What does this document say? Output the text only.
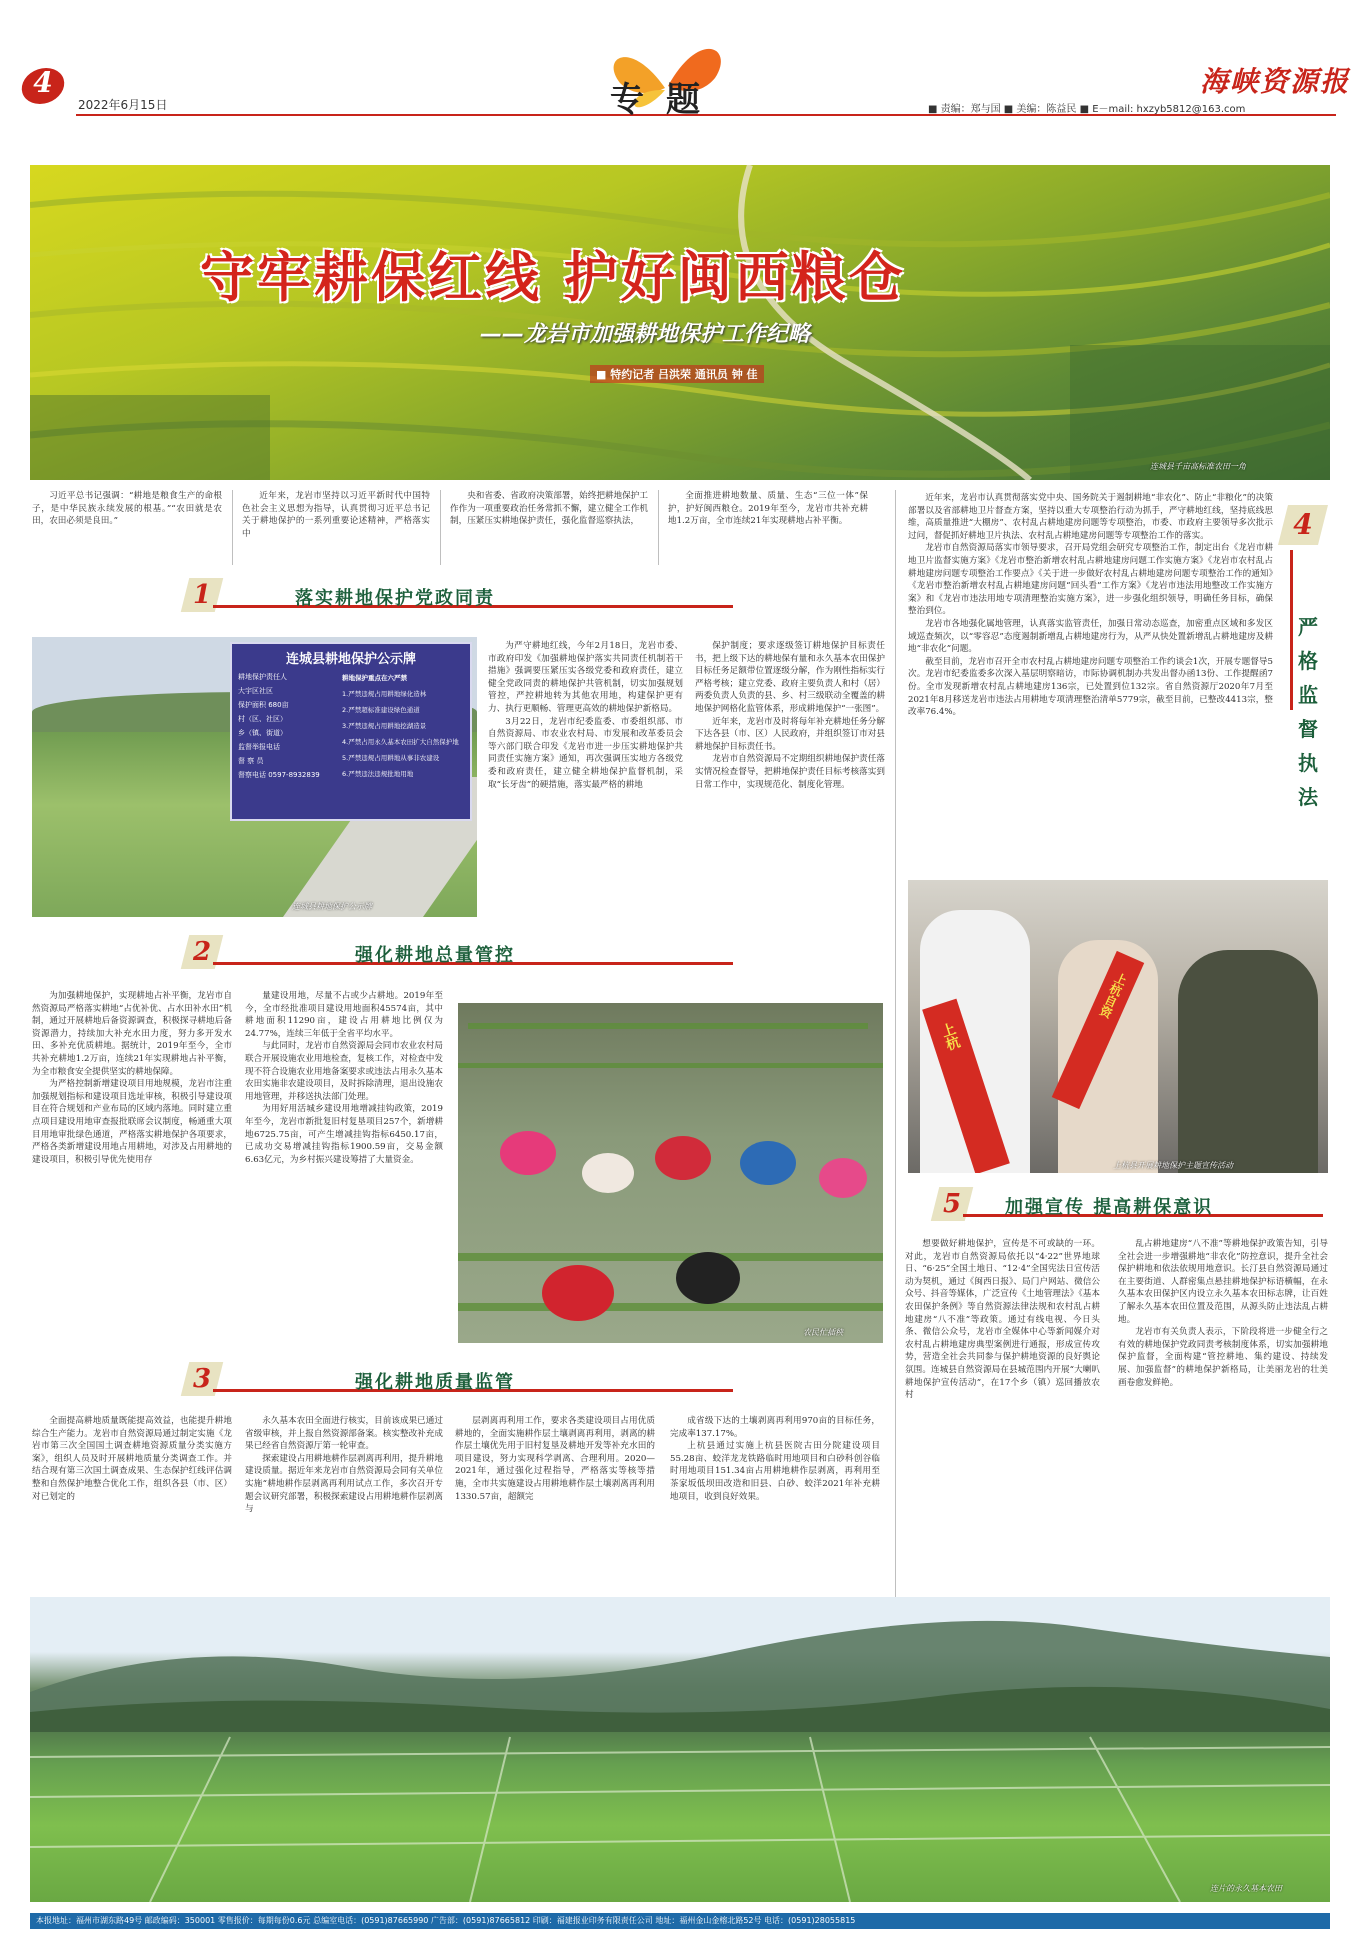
4
2022年6月15日	专题	海峡资源报
■ 责编：郑与国 ■ 美编：陈益民 ■ E－mail: hxzyb5812@163.com
守牢耕保红线 护好闽西粮仓
——龙岩市加强耕地保护工作纪略
■ 特约记者 吕洪荣 通讯员 钟 佳
连城县千亩高标准农田一角

习近平总书记强调：“耕地是粮食生产的命根子，是中华民族永续发展的根基。”“农田就是农田，农田必须是良田。”

近年来，龙岩市坚持以习近平新时代中国特色社会主义思想为指导，认真贯彻习近平总书记关于耕地保护的一系列重要论述精神，严格落实中

央和省委、省政府决策部署，始终把耕地保护工作作为一项重要政治任务常抓不懈，建立健全工作机制，压紧压实耕地保护责任，强化监督巡察执法，

全面推进耕地数量、质量、生态“三位一体”保护，护好闽西粮仓。2019年至今，龙岩市共补充耕地1.2万亩，全市连续21年实现耕地占补平衡。

1	落实耕地保护党政同责
连城县耕地保护公示牌
耕地保护责任人
大宇区社区
保护面积 680亩
村（区、社区）
乡（镇、街道）
监督举报电话
督 察 员
督察电话 0597-8932839
耕地保护重点在六严禁
1.严禁违规占用耕地绿化造林
2.严禁超标准建设绿色通道
3.严禁违规占用耕地挖湖造景
4.严禁占用永久基本农田扩大自然保护地
5.严禁违规占用耕地从事非农建设
6.严禁违法违规批地用地
连城县耕地保护公示牌

为严守耕地红线，今年2月18日，龙岩市委、市政府印发《加强耕地保护落实共同责任机制若干措施》强调要压紧压实各级党委和政府责任，建立健全党政同责的耕地保护共管机制，切实加强规划管控，严控耕地转为其他农用地，构建保护更有力、执行更顺畅、管理更高效的耕地保护新格局。

3月22日，龙岩市纪委监委、市委组织部、市自然资源局、市农业农村局、市发展和改革委员会等六部门联合印发《龙岩市进一步压实耕地保护共同责任实施方案》通知，再次强调压实地方各级党委和政府责任，建立健全耕地保护监督机制，采取“长牙齿”的硬措施，落实最严格的耕地

保护制度；要求逐级签订耕地保护目标责任书，把上级下达的耕地保有量和永久基本农田保护目标任务足额带位置逐级分解，作为刚性指标实行严格考核；建立党委、政府主要负责人和村（居）两委负责人负责的县、乡、村三级联动全覆盖的耕地保护网格化监管体系，形成耕地保护“一张图”。

近年来，龙岩市及时将每年补充耕地任务分解下达各县（市、区）人民政府，并组织签订市对县耕地保护目标责任书。

龙岩市自然资源局不定期组织耕地保护责任落实情况检查督导，把耕地保护责任目标考核落实到日常工作中，实现规范化、制度化管理。

2	强化耕地总量管控

为加强耕地保护，实现耕地占补平衡，龙岩市自然资源局严格落实耕地“占优补优、占水田补水田”机制，通过开展耕地后备资源调查，积极探寻耕地后备资源潜力，持续加大补充水田力度，努力多开发水田、多补充优质耕地。据统计，2019年至今，全市共补充耕地1.2万亩，连续21年实现耕地占补平衡，为全市粮食安全提供坚实的耕地保障。

为严格控制新增建设项目用地规模，龙岩市注重加强规划指标和建设项目选址审核，积极引导建设项目在符合规划和产业布局的区域内落地。同时建立重点项目建设用地审查报批联席会议制度，畅通重大项目用地审批绿色通道，严格落实耕地保护各项要求，严格各类新增建设用地占用耕地，对涉及占用耕地的建设项目，积极引导优先使用存

量建设用地，尽量不占或少占耕地。2019年至今，全市经批准项目建设用地面积45574亩，其中耕地面积11290亩，建设占用耕地比例仅为24.77%，连续三年低于全省平均水平。

与此同时，龙岩市自然资源局会同市农业农村局联合开展设施农业用地检查，复核工作，对检查中发现不符合设施农业用地备案要求或违法占用永久基本农田实施非农建设项目，及时拆除清理，退出设施农用地管理，并移送执法部门处理。

为用好用活城乡建设用地增减挂钩政策，2019年至今，龙岩市新批复旧村复垦项目257个，新增耕地6725.75亩，可产生增减挂钩指标6450.17亩，已成功交易增减挂钩指标1900.59亩，交易金额6.63亿元，为乡村振兴建设筹措了大量资金。

农民忙插秧
3	强化耕地质量监管

全面提高耕地质量既能提高效益，也能提升耕地综合生产能力。龙岩市自然资源局通过制定实施《龙岩市第三次全国国土调查耕地资源质量分类实施方案》，组织人员及时开展耕地质量分类调查工作。并结合现有第三次国土调查成果、生态保护红线评估调整和自然保护地整合优化工作，组织各县（市、区）对已划定的

永久基本农田全面进行核实，目前该成果已通过省级审核，并上报自然资源部备案。核实整改补充成果已经省自然资源厅第一轮审查。

探索建设占用耕地耕作层剥离再利用，提升耕地建设质量。据近年来龙岩市自然资源局会同有关单位实施“耕地耕作层剥离再利用试点工作，多次召开专题会议研究部署，积极探索建设占用耕地耕作层剥离与

层剥离再利用工作，要求各类建设项目占用优质耕地的，全面实施耕作层土壤剥离再利用，剥离的耕作层土壤优先用于旧村复垦及耕地开发等补充水田的项目建设，努力实现科学剥离、合理利用。2020—2021年，通过强化过程指导，严格落实等核等措施，全市共实施建设占用耕地耕作层土壤剥离再利用1330.57亩，超额完

成省级下达的土壤剥离再利用970亩的目标任务，完成率137.17%。

上杭县通过实施上杭县医院古田分院建设项目55.28亩、蛟洋龙龙铁路临时用地项目和白砂科创谷临时用地项目151.34亩占用耕地耕作层剥离，再利用至茶家坂低坝田改造和旧县、白砂、蛟洋2021年补充耕地项目，收到良好效果。

4
严格监督执法

近年来，龙岩市认真贯彻落实党中央、国务院关于遏制耕地“非农化”、防止“非粮化”的决策部署以及省部耕地卫片督查方案，坚持以重大专项整治行动为抓手，严守耕地红线，坚持底线思维，高质量推进“大棚房”、农村乱占耕地建房问题等专项整治，市委、市政府主要领导多次批示过问，督促抓好耕地卫片执法、农村乱占耕地建房问题等专项整治工作的落实。

龙岩市自然资源局落实市领导要求，召开局党组会研究专项整治工作，制定出台《龙岩市耕地卫片监督实施方案》《龙岩市整治新增农村乱占耕地建房问题工作实施方案》《龙岩市农村乱占耕地建房问题专项整治工作要点》《关于进一步做好农村乱占耕地建房问题专项整治工作的通知》《龙岩市整治新增农村乱占耕地建房问题“回头看”工作方案》《龙岩市违法用地整改工作实施方案》和《龙岩市违法用地专项清理整治实施方案》，进一步强化组织领导，明确任务目标，确保整治到位。

龙岩市各地强化属地管理，认真落实监管责任，加强日常动态巡查，加密重点区域和多发区域巡查频次，以“零容忍”态度遏制新增乱占耕地建房行为，从严从快处置新增乱占耕地建房及耕地“非农化”问题。

截至目前，龙岩市召开全市农村乱占耕地建房问题专项整治工作约谈会1次，开展专题督导5次。龙岩市纪委监委多次深入基层明察暗访，市际协调机制办共发出督办函13份、工作提醒函7份。全市发现新增农村乱占耕地建房136宗，已处置到位132宗。省自然资源厅2020年7月至2021年8月移送龙岩市违法占用耕地专项清理整治清单5779宗，截至目前，已整改4413宗，整改率76.4%。

上杭
上杭自资
上杭县开展耕地保护主题宣传活动
5	加强宣传 提高耕保意识

想要做好耕地保护，宣传是不可或缺的一环。对此，龙岩市自然资源局依托以“4·22”世界地球日、“6·25”全国土地日、“12·4”全国宪法日宣传活动为契机，通过《闽西日报》、局门户网站、微信公众号、抖音等媒体，广泛宣传《土地管理法》《基本农田保护条例》等自然资源法律法规和农村乱占耕地建房“八不准”等政策。通过有线电视、今日头条、微信公众号，龙岩市全媒体中心等新闻媒介对农村乱占耕地建房典型案例进行通报，形成宣传攻势，营造全社会共同参与保护耕地资源的良好舆论氛围。连城县自然资源局在县城范围内开展“大喇叭耕地保护宣传活动”，在17个乡（镇）巡回播放农村

乱占耕地建房“八不准”等耕地保护政策告知，引导全社会进一步增强耕地“非农化”防控意识，提升全社会保护耕地和依法依规用地意识。长汀县自然资源局通过在主要街道、人群密集点悬挂耕地保护标语横幅，在永久基本农田保护区内设立永久基本农田标志牌，让百姓了解永久基本农田位置及范围，从源头防止违法乱占耕地。

龙岩市有关负责人表示，下阶段将进一步健全行之有效的耕地保护党政同责考核制度体系，切实加强耕地保护监督，全面构建“管控耕地、集约建设、持续发展、加强监督”的耕地保护新格局，让美丽龙岩的壮美画卷愈发鲜艳。

连片的永久基本农田
本报地址：福州市湖东路49号 邮政编码：350001 零售报价：每期每份0.6元 总编室电话：(0591)87665990 广告部：(0591)87665812 印刷：福建报业印务有限责任公司 地址：福州金山金榕北路52号 电话：(0591)28055815
